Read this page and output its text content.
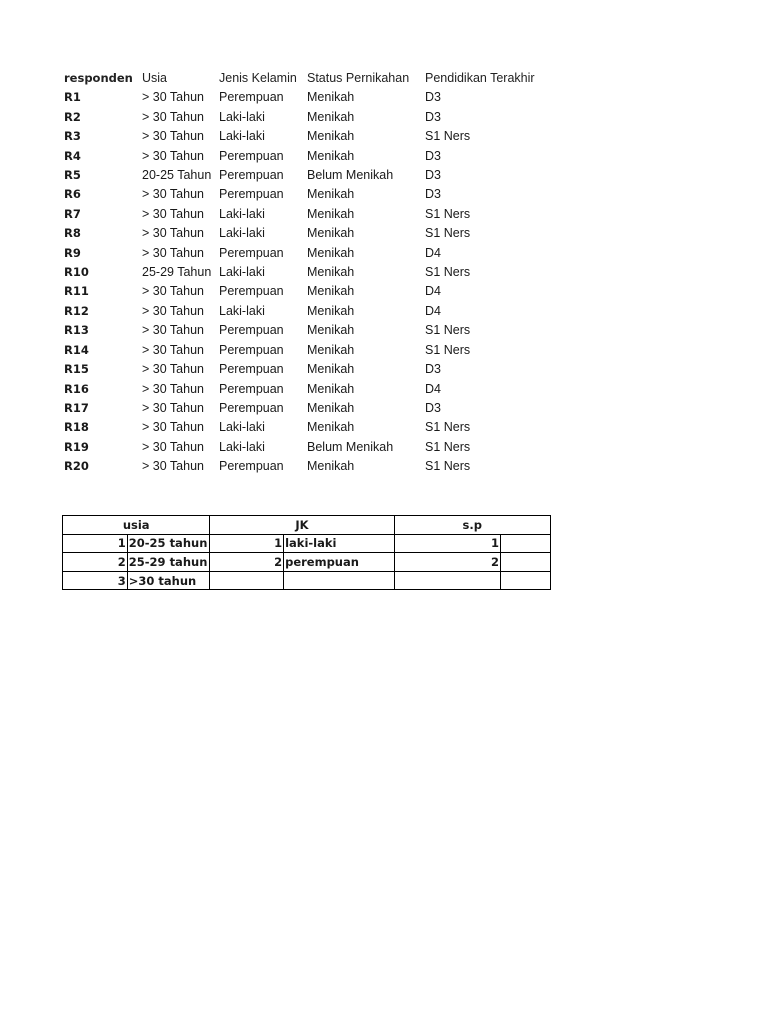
responden	Usia	Jenis Kelamin	Status Pernikahan	Pendidikan Terakhir
R1	> 30 Tahun	Perempuan	Menikah	D3
R2	> 30 Tahun	Laki-laki	Menikah	D3
R3	> 30 Tahun	Laki-laki	Menikah	S1 Ners
R4	> 30 Tahun	Perempuan	Menikah	D3
R5	20-25 Tahun	Perempuan	Belum Menikah	D3
R6	> 30 Tahun	Perempuan	Menikah	D3
R7	> 30 Tahun	Laki-laki	Menikah	S1 Ners
R8	> 30 Tahun	Laki-laki	Menikah	S1 Ners
R9	> 30 Tahun	Perempuan	Menikah	D4
R10	25-29 Tahun	Laki-laki	Menikah	S1 Ners
R11	> 30 Tahun	Perempuan	Menikah	D4
R12	> 30 Tahun	Laki-laki	Menikah	D4
R13	> 30 Tahun	Perempuan	Menikah	S1 Ners
R14	> 30 Tahun	Perempuan	Menikah	S1 Ners
R15	> 30 Tahun	Perempuan	Menikah	D3
R16	> 30 Tahun	Perempuan	Menikah	D4
R17	> 30 Tahun	Perempuan	Menikah	D3
R18	> 30 Tahun	Laki-laki	Menikah	S1 Ners
R19	> 30 Tahun	Laki-laki	Belum Menikah	S1 Ners
R20	> 30 Tahun	Perempuan	Menikah	S1 Ners
usia		JK		s.p	
1	20-25 tahun	1	laki-laki	1	
2	25-29 tahun	2	perempuan	2	
3	>30 tahun				
